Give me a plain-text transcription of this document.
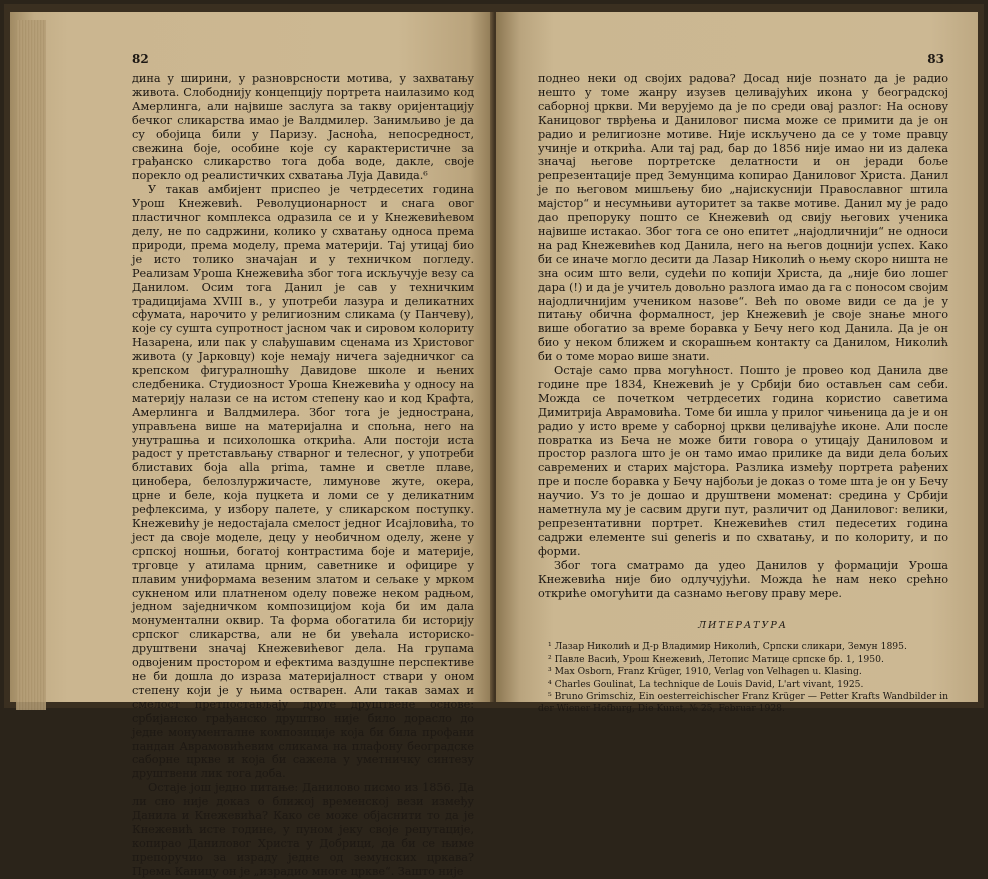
82

дина у ширини, у разноврсности мотива, у захватању живота. Слободнију концепцију портрета наилазимо код Амерлинга, али највише заслуга за такву оријентацију бечког сликарства имао је Валдмилер. Занимљиво је да су обојица били у Паризу. Јасноћа, непосредност, свежина боје, особине које су карактеристичне за грађанско сликарство тога доба воде, дакле, своје порекло од реалистичких схватања Луја Давида.⁶

У такав амбијент приспео је четрдесетих година Урош Кнежевић. Револуционарност и снага овог пластичног комплекса одразила се и у Кнежевићевом делу, не по садржини, колико у схватању односа према природи, према моделу, према материји. Тај утицај био је исто толико значајан и у техничком погледу. Реализам Уроша Кнежевића због тога искључује везу са Данилом. Осим тога Данил је сав у техничким традицијама XVIII в., у употреби лазура и деликатних сфумата, нарочито у религиозним сликама (у Панчеву), које су сушта супротност јасном чак и сировом колориту Назарена, или пак у слађушавим сценама из Христовог живота (у Јарковцу) које немају ничега заједничког са крепском фигуралношћу Давидове школе и њених следбеника. Студиозност Уроша Кнежевића у односу на материју налази се на истом степену као и код Крафта, Амерлинга и Валдмилера. Због тога је једнострана, управљена више на материјална и спољна, него на унутрашња и психолошка открића. Али постоји иста радост у претстављању стварног и телесног, у употреби блиставих боја alla prima, тамне и светле плаве, цинобера, белозлуржичасте, лимунове жуте, окера, црне и беле, која пуцкета и ломи се у деликатним рефлексима, у избору палете, у сликарском поступку. Кнежевићу је недостајала смелост једног Исајловића, то јест да своје моделе, децу у необичном оделу, жене у српској ношњи, богатој контрастима боје и материје, трговце у атилама црним, саветнике и официре у плавим униформама везеним златом и сељаке у мрком сукненом или платненом оделу повеже неком радњом, једном заједничком композицијом која би им дала монументални оквир. Та форма обогатила би историју српског сликарства, али не би увећала историско-друштвени значај Кнежевићевог дела. На групама одвојеним простором и ефектима ваздушне перспективе не би дошла до израза материјалност ствари у оном степену који је у њима остварен. Али такав замах и смелост претпостављају друге друштвене основе: србијанско грађанско друштво није било дорасло до једне монументалне композиције која би била профани пандан Аврамовићевим сликама на плафону београдске саборне цркве и која би сажела у уметничку синтезу друштвени лик тога доба.

Остаје још једно питање: Данилово писмо из 1856. Да ли сно није доказ о ближој временској вези између Данила и Кнежевића? Како се може објаснити то да је Кнежевић исте године, у пуном јеку своје репутације, копирао Даниловог Христа у Добрици, да би се њиме препоручио за израду једне од земунских цркава? Према Каницу он је „израдио многе цркве“. Зашто није

83

поднео неки од својих радова? Досад није познато да је радио нешто у томе жанру изузев целивајућих икона у београдској саборној цркви. Ми верујемо да је по среди овај разлог: На основу Каницовог тврђења и Даниловог писма може се примити да је он радио и религиозне мотиве. Није искључено да се у томе правцу учинје и открића. Али тај рад, бар до 1856 није имао ни из далека значај његове портретске делатности и он јеради боље репрезентације пред Земунцима копирао Даниловог Христа. Данил је по његовом мишљењу био „најискуснији Православног штила мајстор“ и несумњиви ауторитет за такве мотиве. Данил му је радо дао препоруку пошто се Кнежевић од свију његових ученика највише истакао. Због тога се оно епитет „најодличнији“ не односи на рад Кнежевићев код Данила, него на његов доцнији успех. Како би се иначе могло десити да Лазар Николић о њему скоро ништа не зна осим што вели, судећи по копији Христа, да „није био лошег дара (!) и да је учитељ довољно разлога имао да га с поносом својим најодличнијим учеником назове“. Већ по овоме види се да је у питању обична формалност, јер Кнежевић је своје знање много више обогатио за време боравка у Бечу него код Данила. Да је он био у неком ближем и скорашњем контакту са Данилом, Николић би о томе морао више знати.

Остаје само прва могућност. Пошто је провео код Данила две године пре 1834, Кнежевић је у Србији био остављен сам себи. Можда се почетком четрдесетих година користио саветима Димитрија Аврамовића. Томе би ишла у прилог чињеница да је и он радио у исто време у саборној цркви целивајуће иконе. Али после повратка из Беча не може бити говора о утицају Даниловом и простор разлога што је он тамо имао прилике да види дела бољих савремених и старих мајстора. Разлика између портрета рађених пре и после боравка у Бечу најбољи је доказ о томе шта је он у Бечу научио. Уз то је дошао и друштвени моменат: средина у Србији наметнула му је сасвим други пут, различит од Даниловог: велики, репрезентативни портрет. Кнежевићев стил педесетих година садржи елементе sui generis и по схватању, и по колориту, и по форми.

Због тога сматрамо да удео Данилов у формацији Уроша Кнежевића није био одлучујући. Можда ће нам нeко срећно откриће омогућити да сазнамо његову праву мере.

ЛИТЕРАТУРА

¹ Лазар Николић и Д-р Владимир Николић, Српски сликари, Земун 1895.

² Павле Васић, Урош Кнежевић, Летопис Матице српске бр. 1, 1950.

³ Max Osborn, Franz Krüger, 1910, Verlag von Velhagen u. Klasing.

⁴ Charles Goulinat, La technique de Louis David, L'art vivant, 1925.

⁵ Bruno Grimschiz, Ein oesterreichischer Franz Krüger — Petter Krafts Wandbilder in der Wiener Hofburg, Die Kunst, № 25, Februar 1928.
